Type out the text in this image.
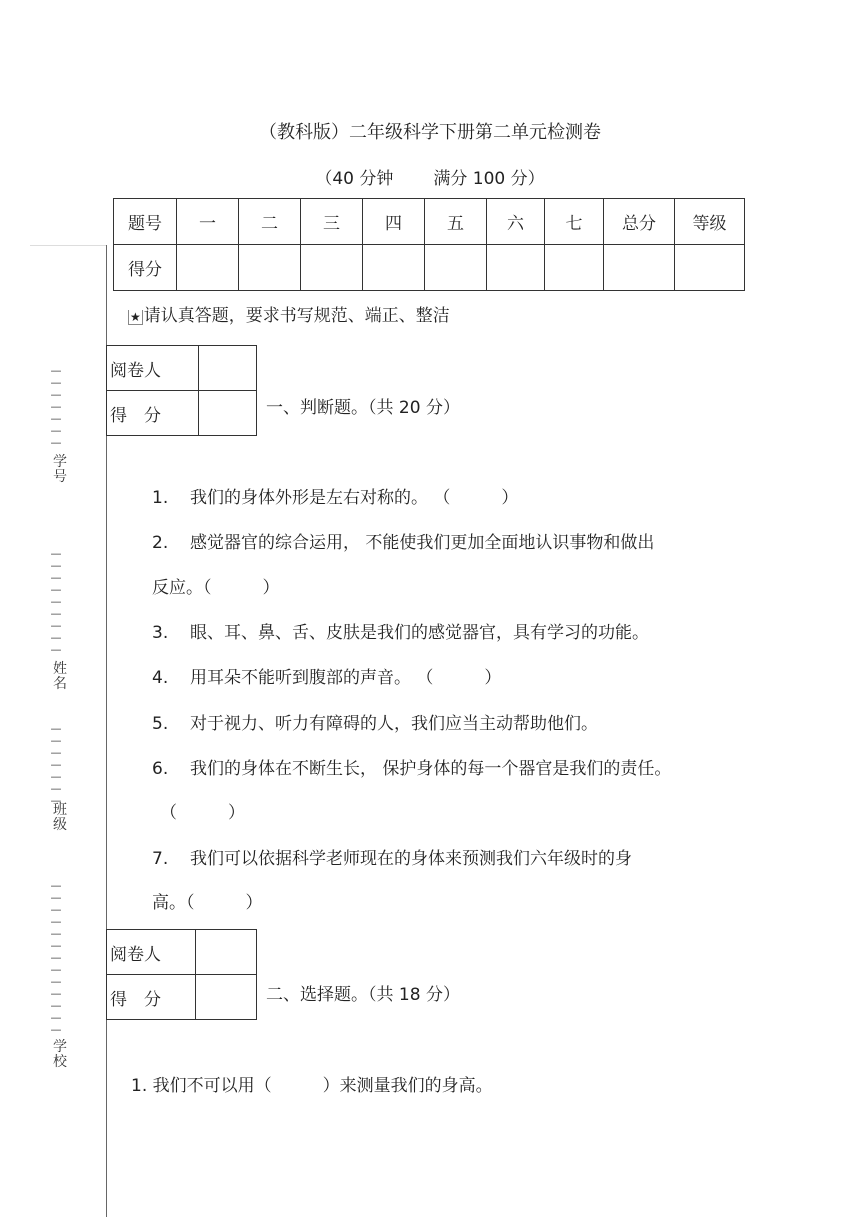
（教科版）二年级科学下册第二单元检测卷
（40 分钟 满分 100 分）
题号	一	二	三	四	五	六	七	总分	等级
得分									
—
—
—
—
—
—
—
学号
—
—
—
—
—
—
—
—
—
姓名
—
—
—
—
—
—
—
班级
—
—
—
—
—
—
—
—
—
—
—
—
—
学校
★ 请认真答题，要求书写规范、端正、整洁
阅卷人	
得　分		一、判断题。（共 20 分）
1. 我们的身体外形是左右对称的。 （　　　）
2. 感觉器官的综合运用， 不能使我们更加全面地认识事物和做出
反应。（　　　）
3. 眼、耳、鼻、舌、皮肤是我们的感觉器官，具有学习的功能。
4. 用耳朵不能听到腹部的声音。 （　　　）
5. 对于视力、听力有障碍的人，我们应当主动帮助他们。
6. 我们的身体在不断生长， 保护身体的每一个器官是我们的责任。
（　　　）
7. 我们可以依据科学老师现在的身体来预测我们六年级时的身
高。（　　　）
阅卷人	
得　分		二、选择题。（共 18 分）
1. 我们不可以用（　　　）来测量我们的身高。
